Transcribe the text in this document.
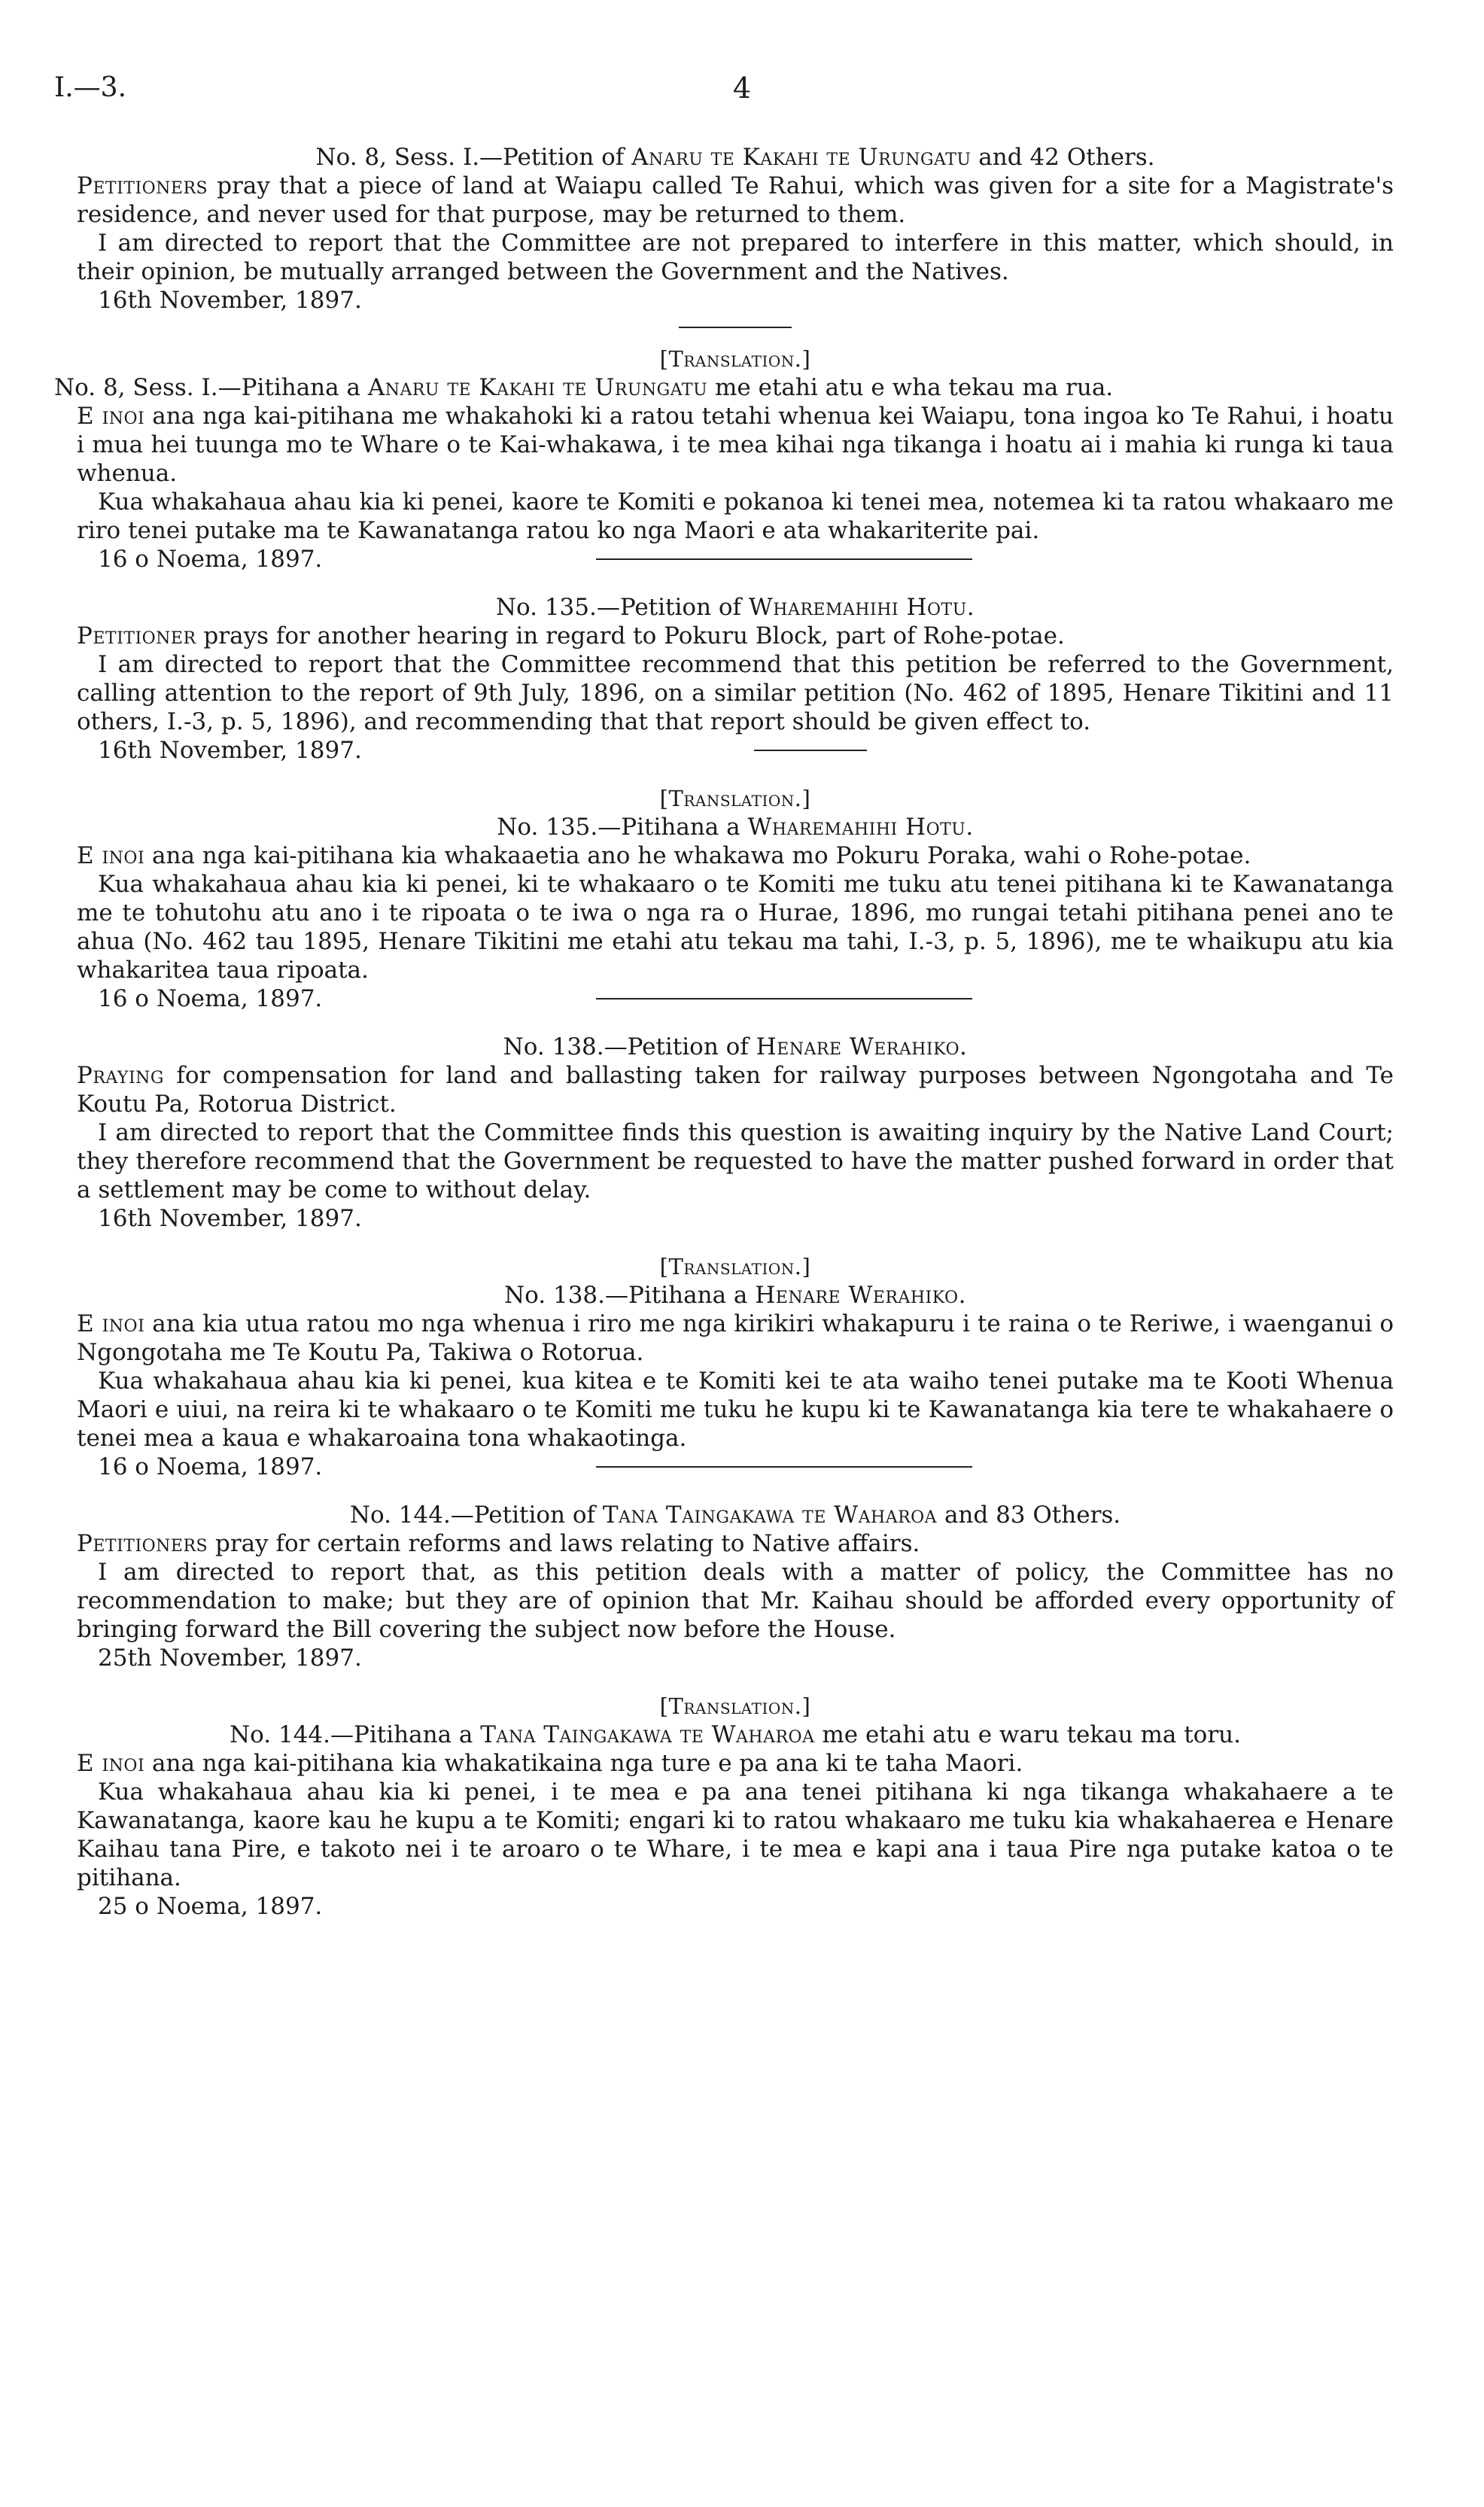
I.—3.	4

No. 8, Sess. I.—Petition of Anaru te Kakahi te Urungatu and 42 Others.

Petitioners pray that a piece of land at Waiapu called Te Rahui, which was given for a site for a Magistrate's residence, and never used for that purpose, may be returned to them.

I am directed to report that the Committee are not prepared to interfere in this matter, which should, in their opinion, be mutually arranged between the Government and the Natives.

16th November, 1897.

[Translation.]

No. 8, Sess. I.—Pitihana a Anaru te Kakahi te Urungatu me etahi atu e wha tekau ma rua.

E inoi ana nga kai-pitihana me whakahoki ki a ratou tetahi whenua kei Waiapu, tona ingoa ko Te Rahui, i hoatu i mua hei tuunga mo te Whare o te Kai-whakawa, i te mea kihai nga tikanga i hoatu ai i mahia ki runga ki taua whenua.

Kua whakahaua ahau kia ki penei, kaore te Komiti e pokanoa ki tenei mea, notemea ki ta ratou whakaaro me riro tenei putake ma te Kawanatanga ratou ko nga Maori e ata whakariterite pai.

16 o Noema, 1897.

No. 135.—Petition of Wharemahihi Hotu.

Petitioner prays for another hearing in regard to Pokuru Block, part of Rohe-potae.

I am directed to report that the Committee recommend that this petition be referred to the Government, calling attention to the report of 9th July, 1896, on a similar petition (No. 462 of 1895, Henare Tikitini and 11 others, I.-3, p. 5, 1896), and recommending that that report should be given effect to.

16th November, 1897.

[Translation.]

No. 135.—Pitihana a Wharemahihi Hotu.

E inoi ana nga kai-pitihana kia whakaaetia ano he whakawa mo Pokuru Poraka, wahi o Rohe-potae.

Kua whakahaua ahau kia ki penei, ki te whakaaro o te Komiti me tuku atu tenei pitihana ki te Kawanatanga me te tohutohu atu ano i te ripoata o te iwa o nga ra o Hurae, 1896, mo rungai tetahi pitihana penei ano te ahua (No. 462 tau 1895, Henare Tikitini me etahi atu tekau ma tahi, I.-3, p. 5, 1896), me te whaikupu atu kia whakaritea taua ripoata.

16 o Noema, 1897.

No. 138.—Petition of Henare Werahiko.

Praying for compensation for land and ballasting taken for railway purposes between Ngongotaha and Te Koutu Pa, Rotorua District.

I am directed to report that the Committee finds this question is awaiting inquiry by the Native Land Court; they therefore recommend that the Government be requested to have the matter pushed forward in order that a settlement may be come to without delay.

16th November, 1897.

[Translation.]

No. 138.—Pitihana a Henare Werahiko.

E inoi ana kia utua ratou mo nga whenua i riro me nga kirikiri whakapuru i te raina o te Reriwe, i waenganui o Ngongotaha me Te Koutu Pa, Takiwa o Rotorua.

Kua whakahaua ahau kia ki penei, kua kitea e te Komiti kei te ata waiho tenei putake ma te Kooti Whenua Maori e uiui, na reira ki te whakaaro o te Komiti me tuku he kupu ki te Kawanatanga kia tere te whakahaere o tenei mea a kaua e whakaroaina tona whakaotinga.

16 o Noema, 1897.

No. 144.—Petition of Tana Taingakawa te Waharoa and 83 Others.

Petitioners pray for certain reforms and laws relating to Native affairs.

I am directed to report that, as this petition deals with a matter of policy, the Committee has no recommendation to make; but they are of opinion that Mr. Kaihau should be afforded every opportunity of bringing forward the Bill covering the subject now before the House.

25th November, 1897.

[Translation.]

No. 144.—Pitihana a Tana Taingakawa te Waharoa me etahi atu e waru tekau ma toru.

E inoi ana nga kai-pitihana kia whakatikaina nga ture e pa ana ki te taha Maori.

Kua whakahaua ahau kia ki penei, i te mea e pa ana tenei pitihana ki nga tikanga whakahaere a te Kawanatanga, kaore kau he kupu a te Komiti; engari ki to ratou whakaaro me tuku kia whakahaerea e Henare Kaihau tana Pire, e takoto nei i te aroaro o te Whare, i te mea e kapi ana i taua Pire nga putake katoa o te pitihana.

25 o Noema, 1897.
